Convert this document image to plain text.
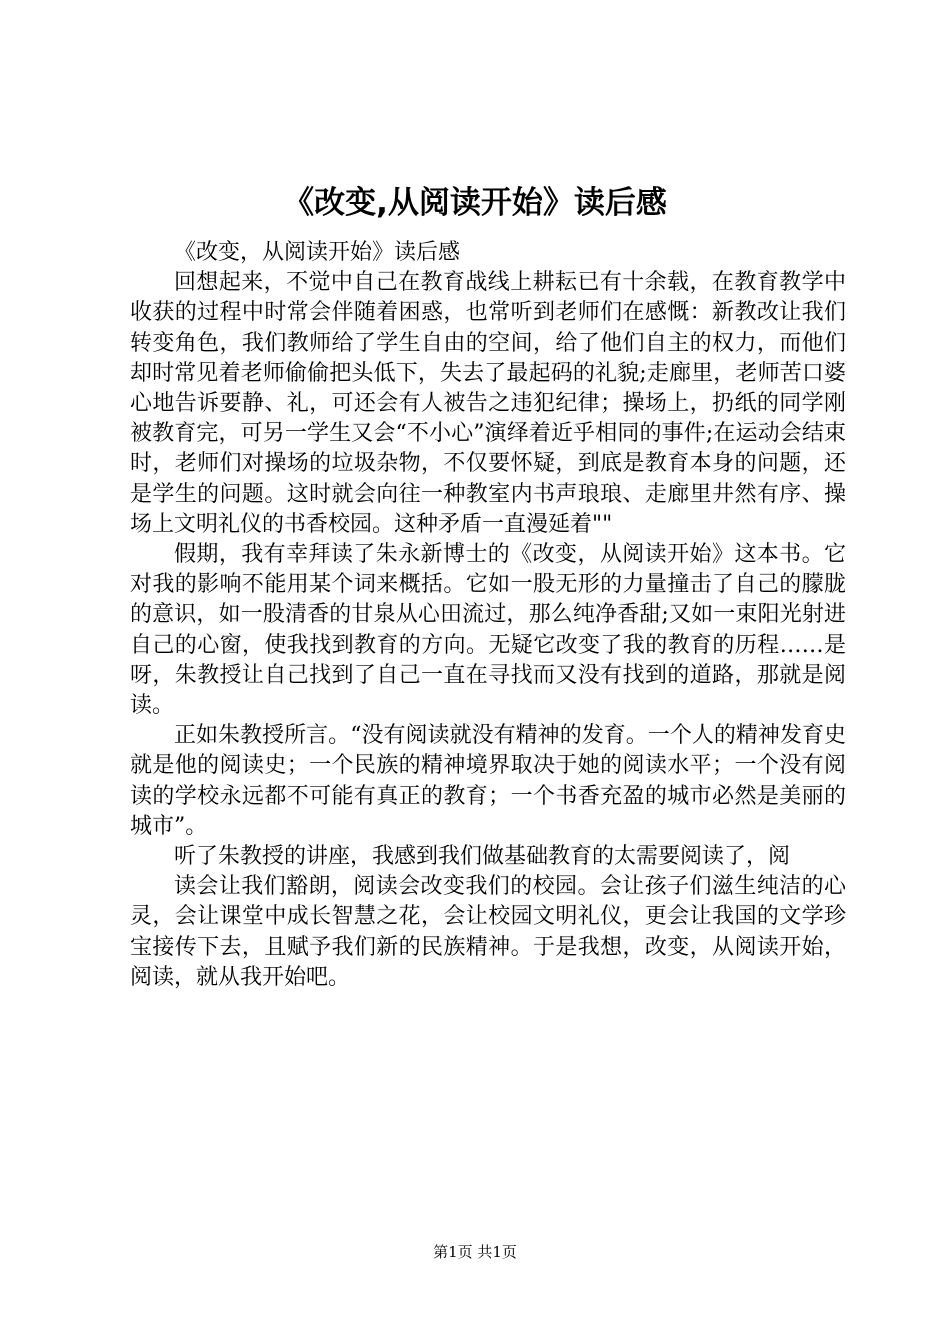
《改变,从阅读开始》读后感

《改变，从阅读开始》读后感

回想起来，不觉中自己在教育战线上耕耘已有十余载，在教育教学中收获的过程中时常会伴随着困惑，也常听到老师们在感慨：新教改让我们转变角色，我们教师给了学生自由的空间，给了他们自主的权力，而他们却时常见着老师偷偷把头低下，失去了最起码的礼貌;走廊里，老师苦口婆心地告诉要静、礼，可还会有人被告之违犯纪律；操场上，扔纸的同学刚被教育完，可另一学生又会“不小心”演绎着近乎相同的事件;在运动会结束时，老师们对操场的垃圾杂物，不仅要怀疑，到底是教育本身的问题，还是学生的问题。这时就会向往一种教室内书声琅琅、走廊里井然有序、操场上文明礼仪的书香校园。这种矛盾一直漫延着""

假期，我有幸拜读了朱永新博士的《改变，从阅读开始》这本书。它对我的影响不能用某个词来概括。它如一股无形的力量撞击了自己的朦胧的意识，如一股清香的甘泉从心田流过，那么纯净香甜;又如一束阳光射进自己的心窗，使我找到教育的方向。无疑它改变了我的教育的历程……是呀，朱教授让自己找到了自己一直在寻找而又没有找到的道路，那就是阅读。

正如朱教授所言。“没有阅读就没有精神的发育。一个人的精神发育史就是他的阅读史；一个民族的精神境界取决于她的阅读水平；一个没有阅读的学校永远都不可能有真正的教育；一个书香充盈的城市必然是美丽的城市”。

听了朱教授的讲座，我感到我们做基础教育的太需要阅读了，阅

读会让我们豁朗，阅读会改变我们的校园。会让孩子们滋生纯洁的心灵，会让课堂中成长智慧之花，会让校园文明礼仪，更会让我国的文学珍宝接传下去，且赋予我们新的民族精神。于是我想，改变，从阅读开始，阅读，就从我开始吧。

第1页 共1页
